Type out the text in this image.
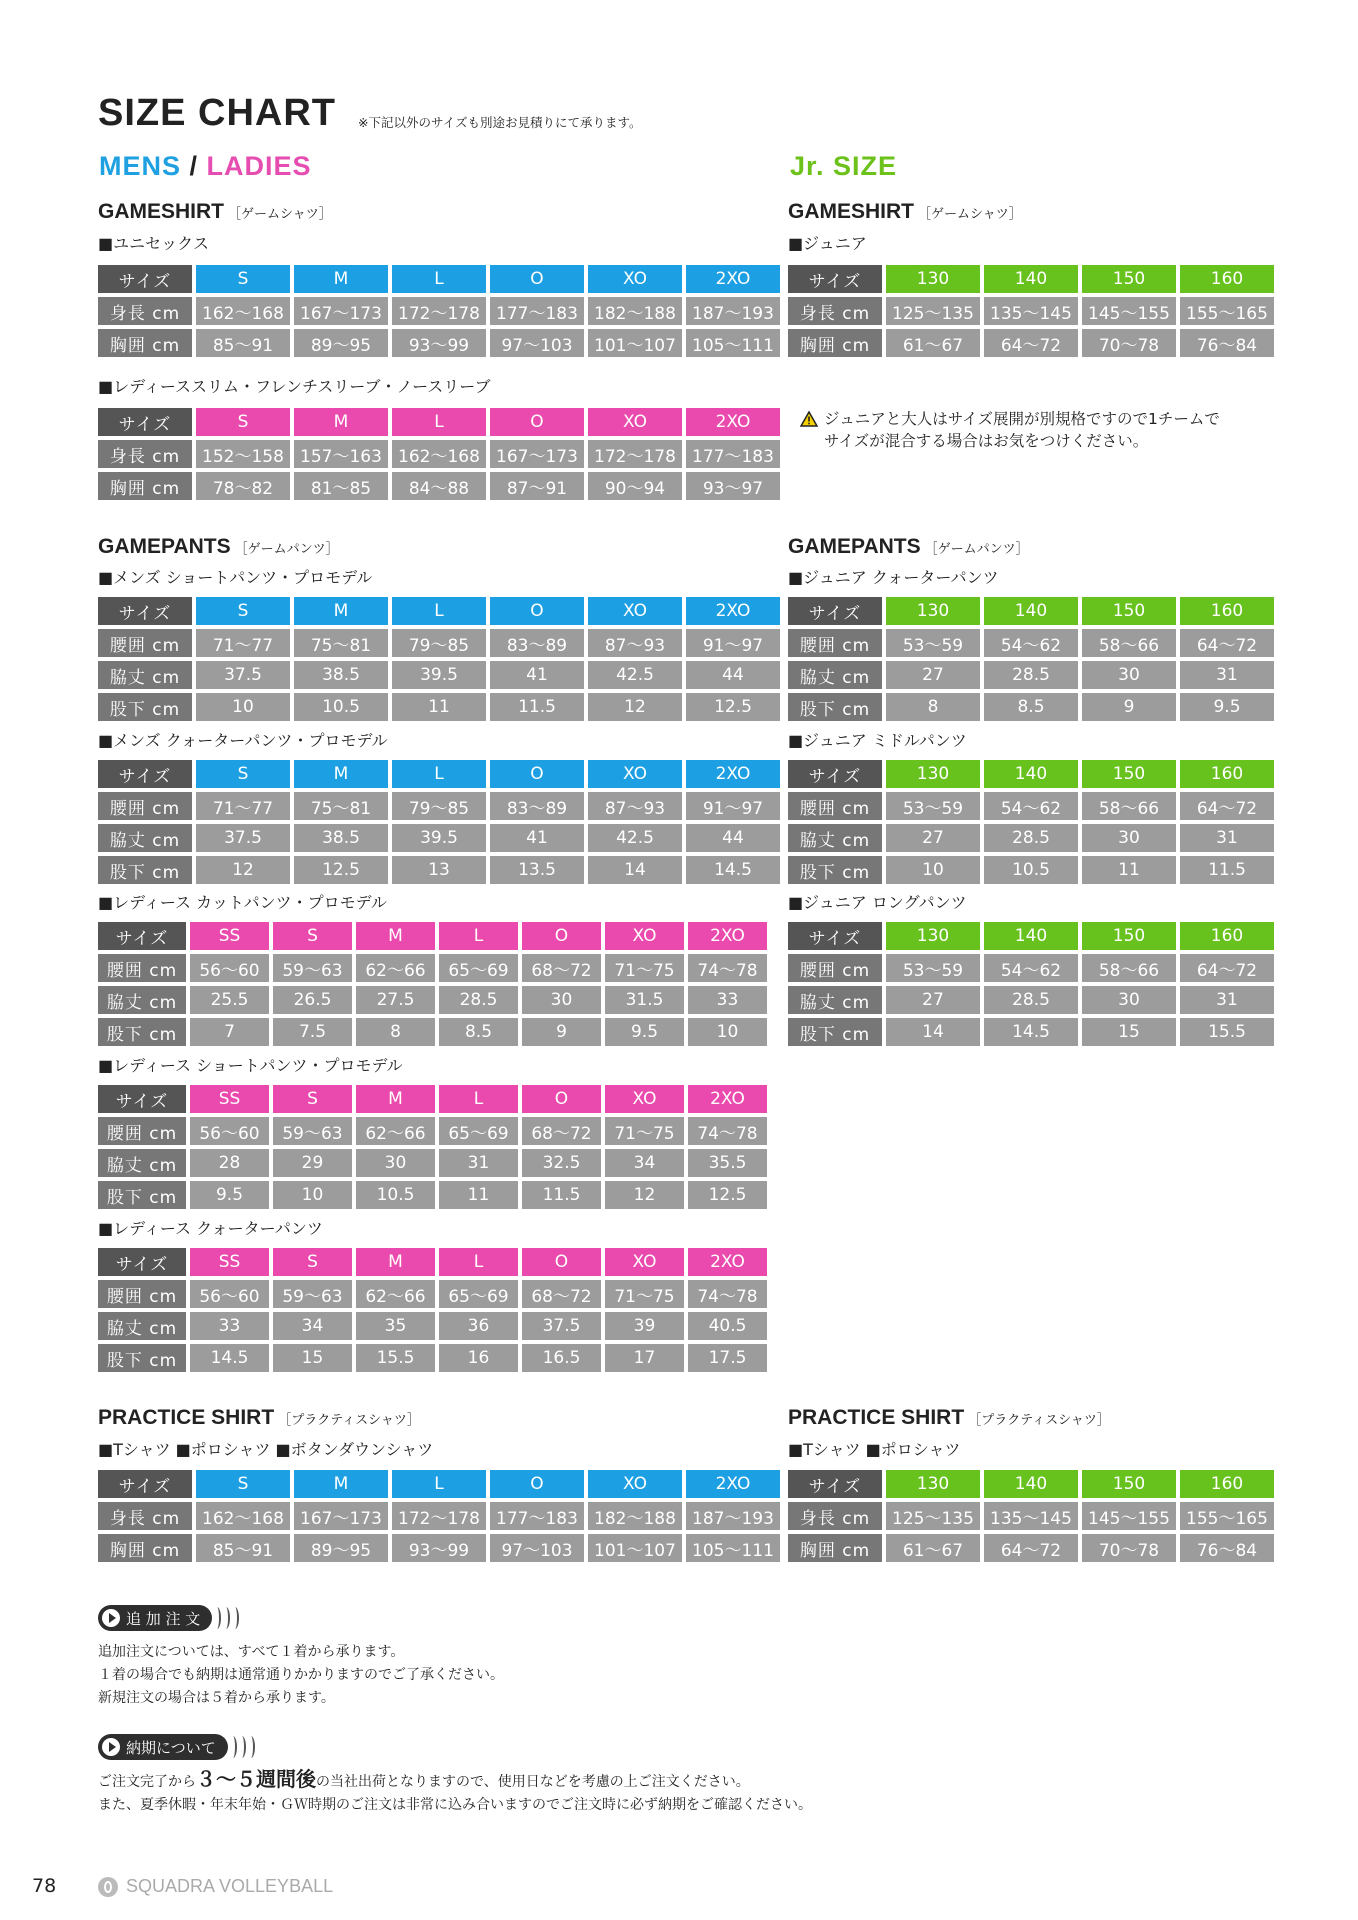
SIZE CHART ※下記以外のサイズも別途お見積りにて承ります。
MENS / LADIES	Jr. SIZE
GAMESHIRT ［ゲームシャツ］
■ユニセックス
サイズ	S	M	L	O	XO	2XO
身長 cm	162～168 167～173 172～178 177～183 182～188 187～193
胸囲 cm	85～91	89～95	93～99	97～103	101～107 105～111
■レディーススリム・フレンチスリーブ・ノースリーブ
サイズ	S	M	L	O	XO	2XO
身長 cm	152～158 157～163 162～168 167～173 172～178 177～183
胸囲 cm	78～82	81～85	84～88	87～91	90～94	93～97
GAMESHIRT ［ゲームシャツ］
■ジュニア
サイズ	130	140	150	160
身長 cm	125～135 135～145 145～155 155～165
胸囲 cm	61～67	64～72	70～78	76～84
ジュニアと大人はサイズ展開が別規格ですので1チームで
サイズが混合する場合はお気をつけください。
GAMEPANTS ［ゲームパンツ］
■メンズ ショートパンツ・プロモデル
サイズ	S	M	L	O	XO	2XO
腰囲 cm	71～77	75～81	79～85	83～89	87～93	91～97
脇丈 cm	37.5	38.5	39.5	41	42.5	44
股下 cm	10	10.5	11	11.5	12	12.5
■メンズ クォーターパンツ・プロモデル
サイズ	S	M	L	O	XO	2XO
腰囲 cm	71～77	75～81	79～85	83～89	87～93	91～97
脇丈 cm	37.5	38.5	39.5	41	42.5	44
股下 cm	12	12.5	13	13.5	14	14.5
■レディース カットパンツ・プロモデル
サイズ	SS	S	M	L	O	XO	2XO
腰囲 cm	56～60	59～63	62～66	65～69	68～72	71～75	74～78
脇丈 cm	25.5	26.5	27.5	28.5	30	31.5	33
股下 cm	7	7.5	8	8.5	9	9.5	10
■レディース ショートパンツ・プロモデル
サイズ	SS	S	M	L	O	XO	2XO
腰囲 cm	56～60	59～63	62～66	65～69	68～72	71～75	74～78
脇丈 cm	28	29	30	31	32.5	34	35.5
股下 cm	9.5	10	10.5	11	11.5	12	12.5
■レディース クォーターパンツ
サイズ	SS	S	M	L	O	XO	2XO
腰囲 cm	56～60	59～63	62～66	65～69	68～72	71～75	74～78
脇丈 cm	33	34	35	36	37.5	39	40.5
股下 cm	14.5	15	15.5	16	16.5	17	17.5
GAMEPANTS ［ゲームパンツ］
■ジュニア クォーターパンツ
サイズ	130	140	150	160
腰囲 cm	53～59	54～62	58～66	64～72
脇丈 cm	27	28.5	30	31
股下 cm	8	8.5	9	9.5
■ジュニア ミドルパンツ
サイズ	130	140	150	160
腰囲 cm	53～59	54～62	58～66	64～72
脇丈 cm	27	28.5	30	31
股下 cm	10	10.5	11	11.5
■ジュニア ロングパンツ
サイズ	130	140	150	160
腰囲 cm	53～59	54～62	58～66	64～72
脇丈 cm	27	28.5	30	31
股下 cm	14	14.5	15	15.5
PRACTICE SHIRT ［プラクティスシャツ］
■Tシャツ ■ポロシャツ ■ボタンダウンシャツ
サイズ	S	M	L	O	XO	2XO
身長 cm	162～168 167～173 172～178 177～183 182～188 187～193
胸囲 cm	85～91	89～95	93～99	97～103	101～107 105～111
PRACTICE SHIRT ［プラクティスシャツ］
■Tシャツ ■ポロシャツ
サイズ	130	140	150	160
身長 cm	125～135 135～145 145～155 155～165
胸囲 cm	61～67	64～72	70～78	76～84
追 加 注 文
追加注文については、すべて１着から承ります。
１着の場合でも納期は通常通りかかりますのでご了承ください。
新規注文の場合は５着から承ります。
納期について
ご注文完了から３～５週間後の当社出荷となりますので、使用日などを考慮の上ご注文ください。
また、夏季休暇・年末年始・ＧＷ時期のご注文は非常に込み合いますのでご注文時に必ず納期をご確認ください。
78	SQUADRA VOLLEYBALL
